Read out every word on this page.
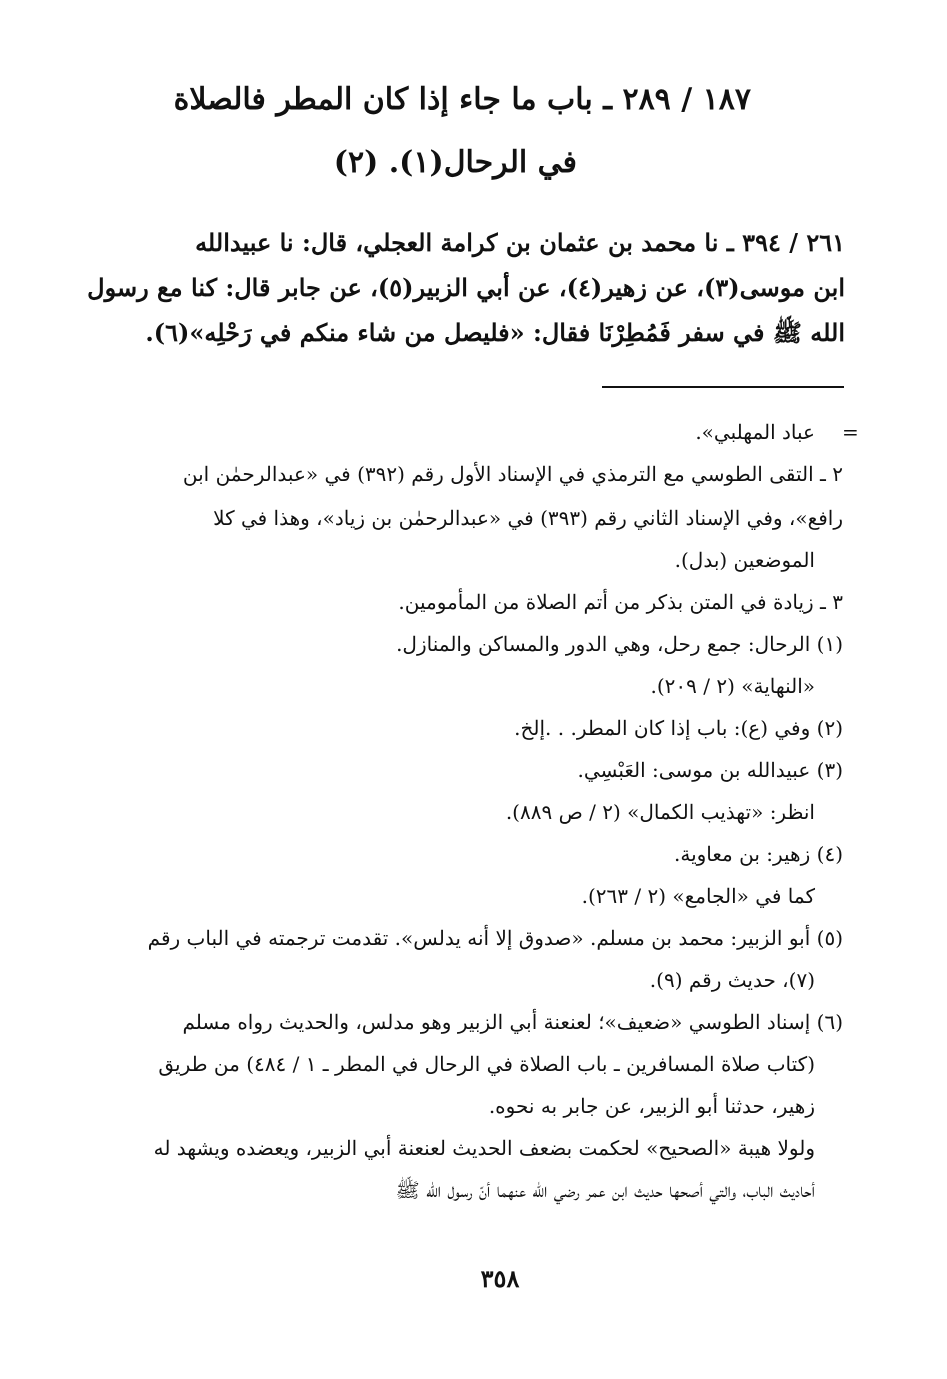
١٨٧ / ٢٨٩ ـ باب ما جاء إذا كان المطر فالصلاة
في الرحال(١). (٢)
٢٦١ / ٣٩٤ ـ نا محمد بن عثمان بن كرامة العجلي، قال: نا عبيدالله
ابن موسى(٣)، عن زهير(٤)، عن أبي الزبير(٥)، عن جابر قال: كنا مع رسول
الله ﷺ في سفر فَمُطِرْنَا فقال: «فليصل من شاء منكم في رَحْلِه»(٦).
=
عباد المهلبي».
٢ ـ التقى الطوسي مع الترمذي في الإسناد الأول رقم (٣٩٢) في «عبدالرحمٰن ابن
رافع»، وفي الإسناد الثاني رقم (٣٩٣) في «عبدالرحمٰن بن زياد»، وهذا في كلا
الموضعين (بدل).
٣ ـ زيادة في المتن بذكر من أتم الصلاة من المأمومين.
(١) الرحال: جمع رحل، وهي الدور والمساكن والمنازل.
«النهاية» (٢ / ٢٠٩).
(٢) وفي (ع): باب إذا كان المطر. . .إلخ.
(٣) عبيدالله بن موسى: العَبْسِي.
انظر: «تهذيب الكمال» (٢ / ص ٨٨٩).
(٤) زهير: بن معاوية.
كما في «الجامع» (٢ / ٢٦٣).
(٥) أبو الزبير: محمد بن مسلم. «صدوق إلا أنه يدلس». تقدمت ترجمته في الباب رقم
(٧)، حديث رقم (٩).
(٦) إسناد الطوسي «ضعيف»؛ لعنعنة أبي الزبير وهو مدلس، والحديث رواه مسلم
(كتاب صلاة المسافرين ـ باب الصلاة في الرحال في المطر ـ ١ / ٤٨٤) من طريق
زهير، حدثنا أبو الزبير، عن جابر به نحوه.
ولولا هيبة «الصحيح» لحكمت بضعف الحديث لعنعنة أبي الزبير، ويعضده ويشهد له
أحاديث الباب، والتي أصحها حديث ابن عمر رضي الله عنهما أنّ رسول الله ﷺ
٣٥٨
